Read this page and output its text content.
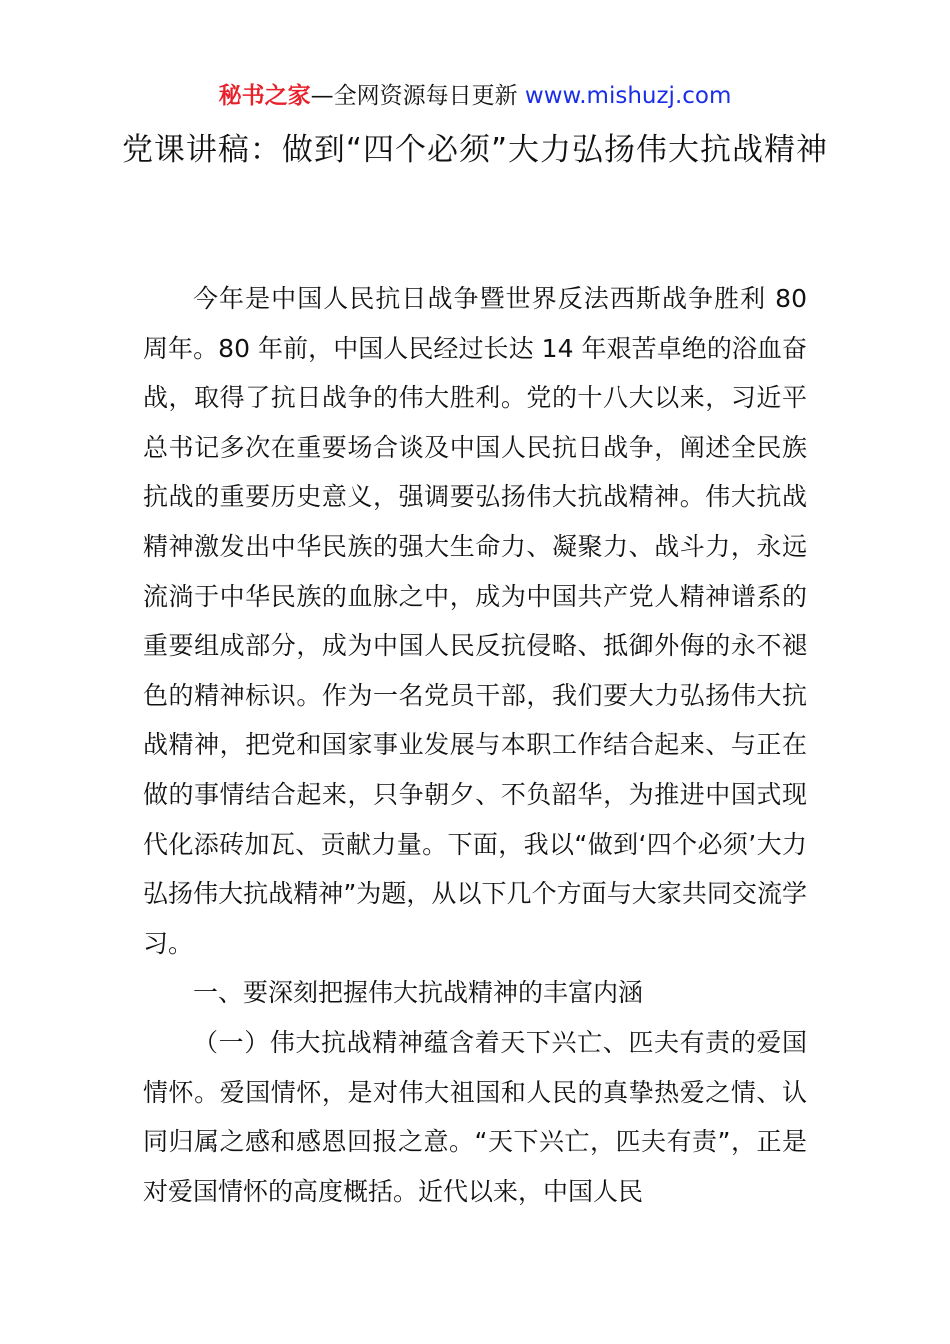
秘书之家—全网资源每日更新 www.mishuzj.com
党课讲稿：做到“四个必须”大力弘扬伟大抗战精神

今年是中国人民抗日战争暨世界反法西斯战争胜利 80 周年。80 年前，中国人民经过长达 14 年艰苦卓绝的浴血奋战，取得了抗日战争的伟大胜利。党的十八大以来，习近平总书记多次在重要场合谈及中国人民抗日战争，阐述全民族抗战的重要历史意义，强调要弘扬伟大抗战精神。伟大抗战精神激发出中华民族的强大生命力、凝聚力、战斗力，永远流淌于中华民族的血脉之中，成为中国共产党人精神谱系的重要组成部分，成为中国人民反抗侵略、抵御外侮的永不褪色的精神标识。作为一名党员干部，我们要大力弘扬伟大抗战精神，把党和国家事业发展与本职工作结合起来、与正在做的事情结合起来，只争朝夕、不负韶华，为推进中国式现代化添砖加瓦、贡献力量。下面，我以“做到‘四个必须’大力弘扬伟大抗战精神”为题，从以下几个方面与大家共同交流学习。

一、要深刻把握伟大抗战精神的丰富内涵

（一）伟大抗战精神蕴含着天下兴亡、匹夫有责的爱国情怀。爱国情怀，是对伟大祖国和人民的真挚热爱之情、认同归属之感和感恩回报之意。“天下兴亡，匹夫有责”，正是对爱国情怀的高度概括。近代以来，中国人民
